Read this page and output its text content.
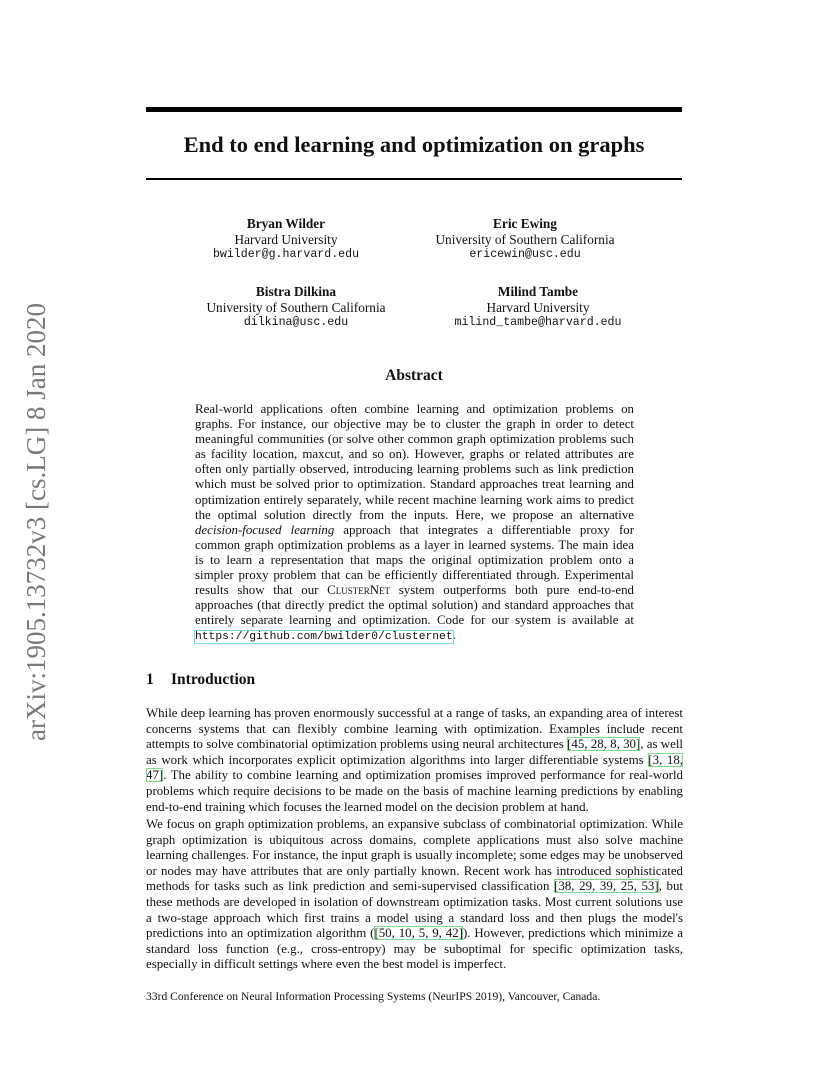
arXiv:1905.13732v3 [cs.LG] 8 Jan 2020
End to end learning and optimization on graphs
Bryan Wilder
Harvard University
bwilder@g.harvard.edu
Eric Ewing
University of Southern California
ericewin@usc.edu
Bistra Dilkina
University of Southern California
dilkina@usc.edu
Milind Tambe
Harvard University
milind_tambe@harvard.edu
Abstract
Real-world applications often combine learning and optimization problems on graphs. For instance, our objective may be to cluster the graph in order to detect meaningful communities (or solve other common graph optimization problems such as facility location, maxcut, and so on). However, graphs or related attributes are often only partially observed, introducing learning problems such as link prediction which must be solved prior to optimization. Standard approaches treat learning and optimization entirely separately, while recent machine learning work aims to predict the optimal solution directly from the inputs. Here, we propose an alternative decision-focused learning approach that integrates a differentiable proxy for common graph optimization problems as a layer in learned systems. The main idea is to learn a representation that maps the original optimization problem onto a simpler proxy problem that can be efficiently differentiated through. Experimental results show that our ClusterNet system outperforms both pure end-to-end approaches (that directly predict the optimal solution) and standard approaches that entirely separate learning and optimization. Code for our system is available at https://github.com/bwilder0/clusternet.
1 Introduction
While deep learning has proven enormously successful at a range of tasks, an expanding area of interest concerns systems that can flexibly combine learning with optimization. Examples include recent attempts to solve combinatorial optimization problems using neural architectures [45, 28, 8, 30], as well as work which incorporates explicit optimization algorithms into larger differentiable systems [3, 18, 47]. The ability to combine learning and optimization promises improved performance for real-world problems which require decisions to be made on the basis of machine learning predictions by enabling end-to-end training which focuses the learned model on the decision problem at hand.
We focus on graph optimization problems, an expansive subclass of combinatorial optimization. While graph optimization is ubiquitous across domains, complete applications must also solve machine learning challenges. For instance, the input graph is usually incomplete; some edges may be unobserved or nodes may have attributes that are only partially known. Recent work has introduced sophisticated methods for tasks such as link prediction and semi-supervised classification [38, 29, 39, 25, 53], but these methods are developed in isolation of downstream optimization tasks. Most current solutions use a two-stage approach which first trains a model using a standard loss and then plugs the model's predictions into an optimization algorithm ([50, 10, 5, 9, 42]). However, predictions which minimize a standard loss function (e.g., cross-entropy) may be suboptimal for specific optimization tasks, especially in difficult settings where even the best model is imperfect.
33rd Conference on Neural Information Processing Systems (NeurIPS 2019), Vancouver, Canada.
